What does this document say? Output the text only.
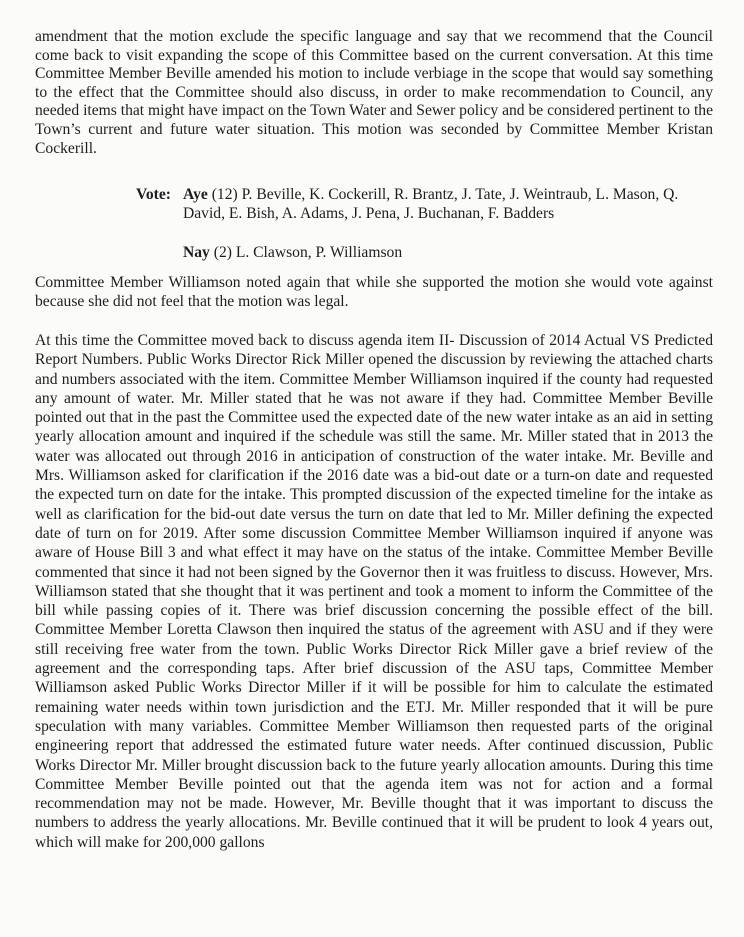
amendment that the motion exclude the specific language and say that we recommend that the Council come back to visit expanding the scope of this Committee based on the current conversation. At this time Committee Member Beville amended his motion to include verbiage in the scope that would say something to the effect that the Committee should also discuss, in order to make recommendation to Council, any needed items that might have impact on the Town Water and Sewer policy and be considered pertinent to the Town’s current and future water situation. This motion was seconded by Committee Member Kristan Cockerill.

Vote: Aye (12) P. Beville, K. Cockerill, R. Brantz, J. Tate, J. Weintraub, L. Mason, Q. David, E. Bish, A. Adams, J. Pena, J. Buchanan, F. Badders
Nay (2) L. Clawson, P. Williamson

Committee Member Williamson noted again that while she supported the motion she would vote against because she did not feel that the motion was legal.

At this time the Committee moved back to discuss agenda item II- Discussion of 2014 Actual VS Predicted Report Numbers. Public Works Director Rick Miller opened the discussion by reviewing the attached charts and numbers associated with the item. Committee Member Williamson inquired if the county had requested any amount of water. Mr. Miller stated that he was not aware if they had. Committee Member Beville pointed out that in the past the Committee used the expected date of the new water intake as an aid in setting yearly allocation amount and inquired if the schedule was still the same. Mr. Miller stated that in 2013 the water was allocated out through 2016 in anticipation of construction of the water intake. Mr. Beville and Mrs. Williamson asked for clarification if the 2016 date was a bid-out date or a turn-on date and requested the expected turn on date for the intake. This prompted discussion of the expected timeline for the intake as well as clarification for the bid-out date versus the turn on date that led to Mr. Miller defining the expected date of turn on for 2019. After some discussion Committee Member Williamson inquired if anyone was aware of House Bill 3 and what effect it may have on the status of the intake. Committee Member Beville commented that since it had not been signed by the Governor then it was fruitless to discuss. However, Mrs. Williamson stated that she thought that it was pertinent and took a moment to inform the Committee of the bill while passing copies of it. There was brief discussion concerning the possible effect of the bill. Committee Member Loretta Clawson then inquired the status of the agreement with ASU and if they were still receiving free water from the town. Public Works Director Rick Miller gave a brief review of the agreement and the corresponding taps. After brief discussion of the ASU taps, Committee Member Williamson asked Public Works Director Miller if it will be possible for him to calculate the estimated remaining water needs within town jurisdiction and the ETJ. Mr. Miller responded that it will be pure speculation with many variables. Committee Member Williamson then requested parts of the original engineering report that addressed the estimated future water needs. After continued discussion, Public Works Director Mr. Miller brought discussion back to the future yearly allocation amounts. During this time Committee Member Beville pointed out that the agenda item was not for action and a formal recommendation may not be made. However, Mr. Beville thought that it was important to discuss the numbers to address the yearly allocations. Mr. Beville continued that it will be prudent to look 4 years out, which will make for 200,000 gallons
